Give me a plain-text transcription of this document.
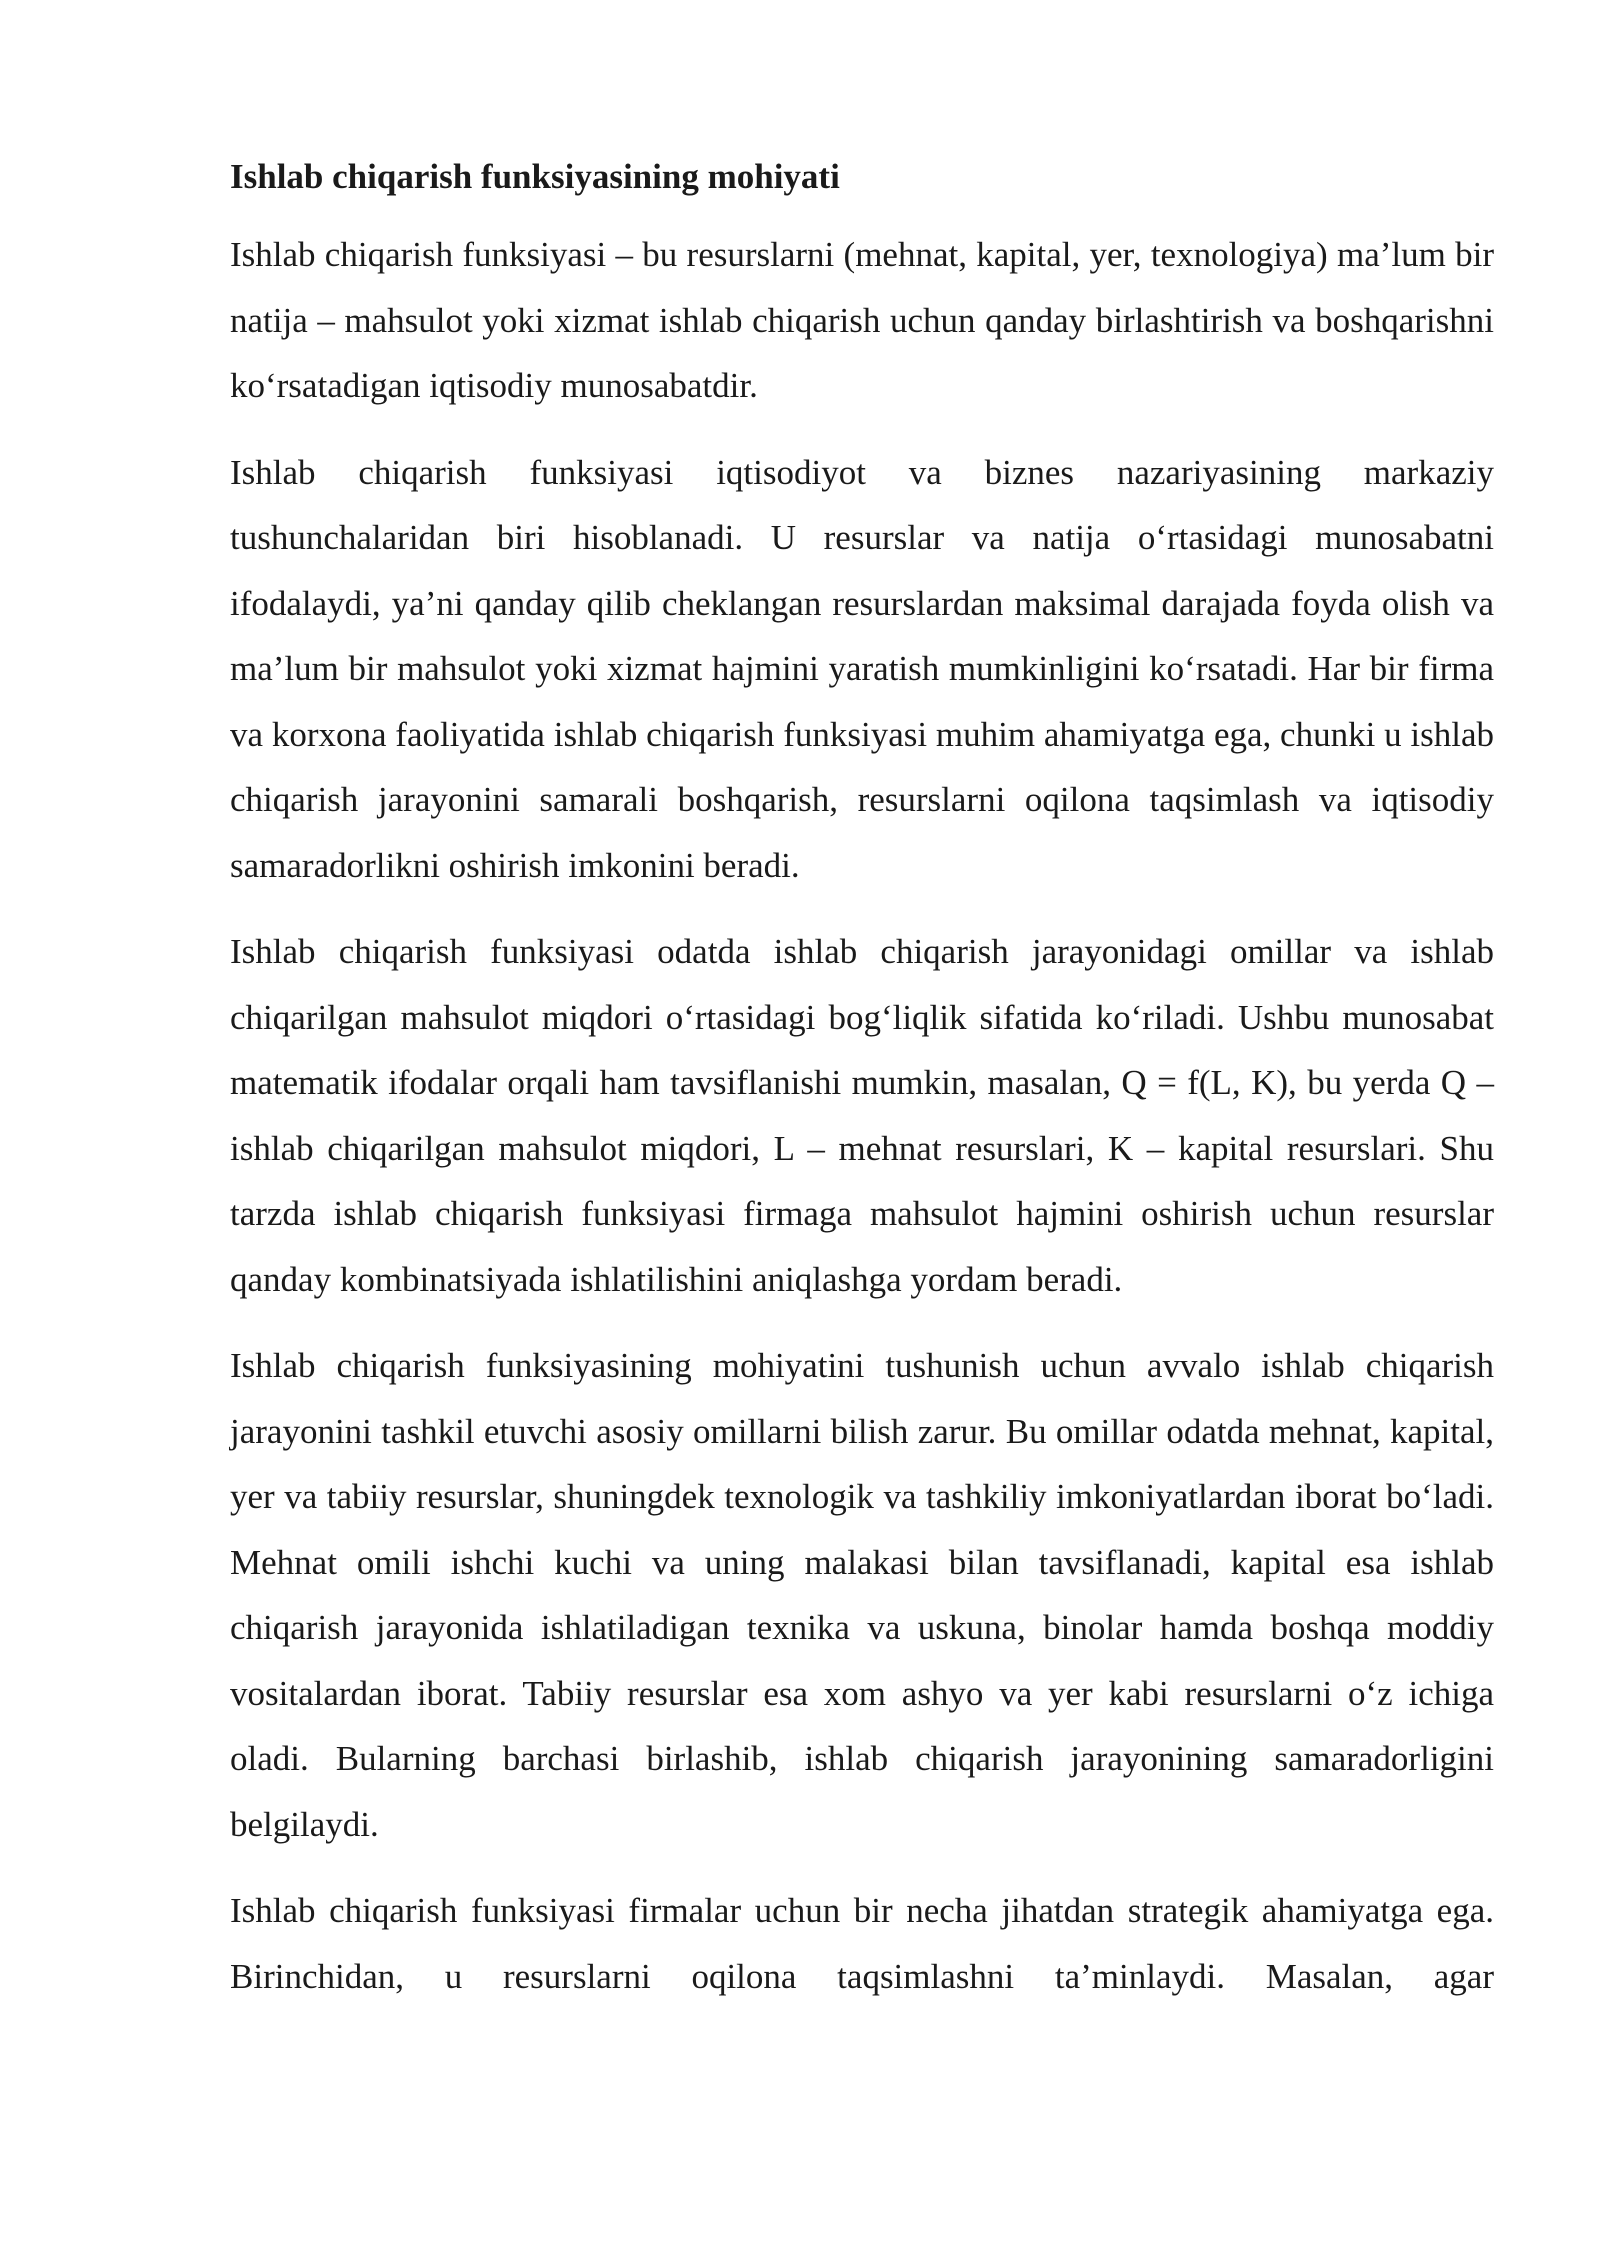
Ishlab chiqarish funksiyasining mohiyati

Ishlab chiqarish funksiyasi – bu resurslarni (mehnat, kapital, yer, texnologiya) ma’lum bir natija – mahsulot yoki xizmat ishlab chiqarish uchun qanday birlashtirish va boshqarishni ko‘rsatadigan iqtisodiy munosabatdir.

Ishlab chiqarish funksiyasi iqtisodiyot va biznes nazariyasining markaziy tushunchalaridan biri hisoblanadi. U resurslar va natija o‘rtasidagi munosabatni ifodalaydi, ya’ni qanday qilib cheklangan resurslardan maksimal darajada foyda olish va ma’lum bir mahsulot yoki xizmat hajmini yaratish mumkinligini ko‘rsatadi. Har bir firma va korxona faoliyatida ishlab chiqarish funksiyasi muhim ahamiyatga ega, chunki u ishlab chiqarish jarayonini samarali boshqarish, resurslarni oqilona taqsimlash va iqtisodiy samaradorlikni oshirish imkonini beradi.

Ishlab chiqarish funksiyasi odatda ishlab chiqarish jarayonidagi omillar va ishlab chiqarilgan mahsulot miqdori o‘rtasidagi bog‘liqlik sifatida ko‘riladi. Ushbu munosabat matematik ifodalar orqali ham tavsiflanishi mumkin, masalan, Q = f(L, K), bu yerda Q – ishlab chiqarilgan mahsulot miqdori, L – mehnat resurslari, K – kapital resurslari. Shu tarzda ishlab chiqarish funksiyasi firmaga mahsulot hajmini oshirish uchun resurslar qanday kombinatsiyada ishlatilishini aniqlashga yordam beradi.

Ishlab chiqarish funksiyasining mohiyatini tushunish uchun avvalo ishlab chiqarish jarayonini tashkil etuvchi asosiy omillarni bilish zarur. Bu omillar odatda mehnat, kapital, yer va tabiiy resurslar, shuningdek texnologik va tashkiliy imkoniyatlardan iborat bo‘ladi. Mehnat omili ishchi kuchi va uning malakasi bilan tavsiflanadi, kapital esa ishlab chiqarish jarayonida ishlatiladigan texnika va uskuna, binolar hamda boshqa moddiy vositalardan iborat. Tabiiy resurslar esa xom ashyo va yer kabi resurslarni o‘z ichiga oladi. Bularning barchasi birlashib, ishlab chiqarish jarayonining samaradorligini belgilaydi.

Ishlab chiqarish funksiyasi firmalar uchun bir necha jihatdan strategik ahamiyatga ega. Birinchidan, u resurslarni oqilona taqsimlashni ta’minlaydi. Masalan, agar
